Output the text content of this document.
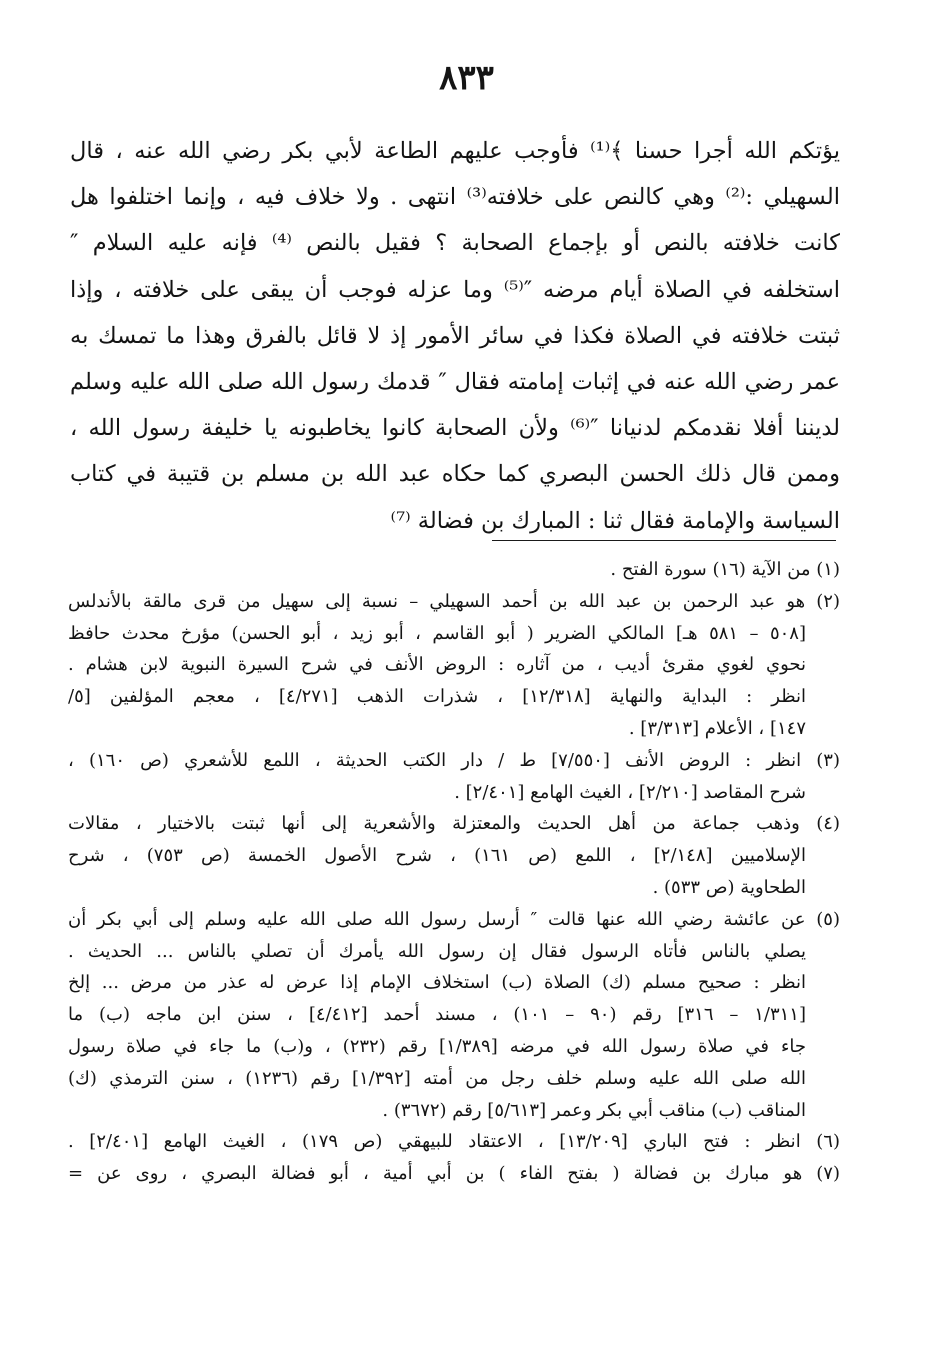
٨٣٣
يؤتكم الله أجرا حسنا ﴾⁽¹⁾ فأوجب عليهم الطاعة لأبي بكر رضي الله عنه ، قال
السهيلي :⁽²⁾ وهي كالنص على خلافته⁽³⁾ انتهى . ولا خلاف فيه ، وإنما اختلفوا هل
كانت خلافته بالنص أو بإجماع الصحابة ؟ فقيل بالنص ⁽⁴⁾ فإنه عليه السلام ″
استخلفه في الصلاة أيام مرضه ″⁽⁵⁾ وما عزله فوجب أن يبقى على خلافته ، وإذا
ثبتت خلافته في الصلاة فكذا في سائر الأمور إذ لا قائل بالفرق وهذا ما تمسك به
عمر رضي الله عنه في إثبات إمامته فقال ″ قدمك رسول الله صلى الله عليه وسلم
لديننا أفلا نقدمكم لدنيانا ″⁽⁶⁾ ولأن الصحابة كانوا يخاطبونه يا خليفة رسول الله ،
وممن قال ذلك الحسن البصري كما حكاه عبد الله بن مسلم بن قتيبة في كتاب
السياسة والإمامة فقال ثنا : المبارك بن فضالة ⁽⁷⁾
(١) من الآية (١٦) سورة الفتح .
(٢) هو عبد الرحمن بن عبد الله بن أحمد السهيلي – نسبة إلى سهيل من قرى مالقة بالأندلس
[٥٠٨ – ٥٨١ هـ] المالكي الضرير ( أبو القاسم ، أبو زيد ، أبو الحسن) مؤرخ محدث حافظ
نحوي لغوي مقرئ أديب ، من آثاره : الروض الأنف في شرح السيرة النبوية لابن هشام .
انظر : البداية والنهاية [١٢/٣١٨] ، شذرات الذهب [٤/٢٧١] ، معجم المؤلفين [٥/
١٤٧] ، الأعلام [٣/٣١٣] .
(٣) انظر : الروض الأنف [٧/٥٥٠] ط / دار الكتب الحديثة ، اللمع للأشعري (ص ١٦٠) ،
شرح المقاصد [٢/٢١٠] ، الغيث الهامع [٢/٤٠١] .
(٤) وذهب جماعة من أهل الحديث والمعتزلة والأشعرية إلى أنها ثبتت بالاختيار ، مقالات
الإسلاميين [٢/١٤٨] ، اللمع (ص ١٦١) ، شرح الأصول الخمسة (ص ٧٥٣) ، شرح
الطحاوية (ص ٥٣٣) .
(٥) عن عائشة رضي الله عنها قالت ″ أرسل رسول الله صلى الله عليه وسلم إلى أبي بكر أن
يصلي بالناس فأتاه الرسول فقال إن رسول الله يأمرك أن تصلي بالناس ... الحديث .
انظر : صحيح مسلم (ك) الصلاة (ب) استخلاف الإمام إذا عرض له عذر من مرض ... إلخ
[١/٣١١ – ٣١٦] رقم (٩٠ – ١٠١) ، مسند أحمد [٤/٤١٢] ، سنن ابن ماجه (ب) ما
جاء في صلاة رسول الله في مرضه [١/٣٨٩] رقم (٢٣٢) ، و(ب) ما جاء في صلاة رسول
الله صلى الله عليه وسلم خلف رجل من أمته [١/٣٩٢] رقم (١٢٣٦) ، سنن الترمذي (ك)
المناقب (ب) مناقب أبي بكر وعمر [٥/٦١٣] رقم (٣٦٧٢) .
(٦) انظر : فتح الباري [١٣/٢٠٩] ، الاعتقاد للبيهقي (ص ١٧٩) ، الغيث الهامع [٢/٤٠١] .
(٧) هو مبارك بن فضالة ( بفتح الفاء ) بن أبي أمية ، أبو فضالة البصري ، روى عن =
